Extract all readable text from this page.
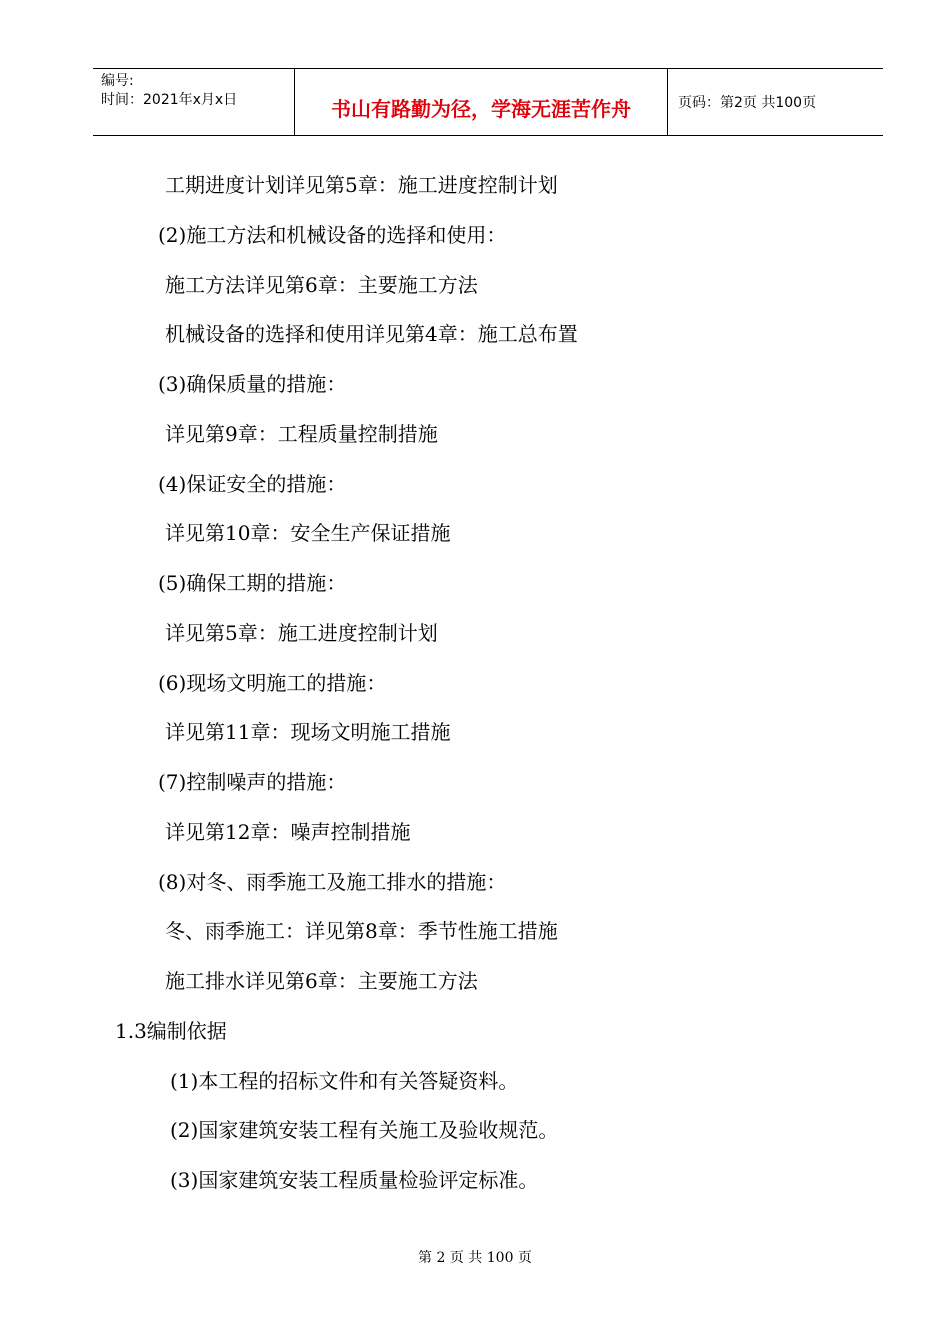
编号:
时间：2021年x月x日	书山有路勤为径，学海无涯苦作舟	页码：第2页 共100页
工期进度计划详见第5章：施工进度控制计划
(2)施工方法和机械设备的选择和使用：
施工方法详见第6章：主要施工方法
机械设备的选择和使用详见第4章：施工总布置
(3)确保质量的措施：
详见第9章：工程质量控制措施
(4)保证安全的措施：
详见第10章：安全生产保证措施
(5)确保工期的措施：
详见第5章：施工进度控制计划
(6)现场文明施工的措施：
详见第11章：现场文明施工措施
(7)控制噪声的措施：
详见第12章：噪声控制措施
(8)对冬、雨季施工及施工排水的措施：
冬、雨季施工：详见第8章：季节性施工措施
施工排水详见第6章：主要施工方法
1.3编制依据
(1)本工程的招标文件和有关答疑资料。
(2)国家建筑安装工程有关施工及验收规范。
(3)国家建筑安装工程质量检验评定标准。
第 2 页 共 100 页
